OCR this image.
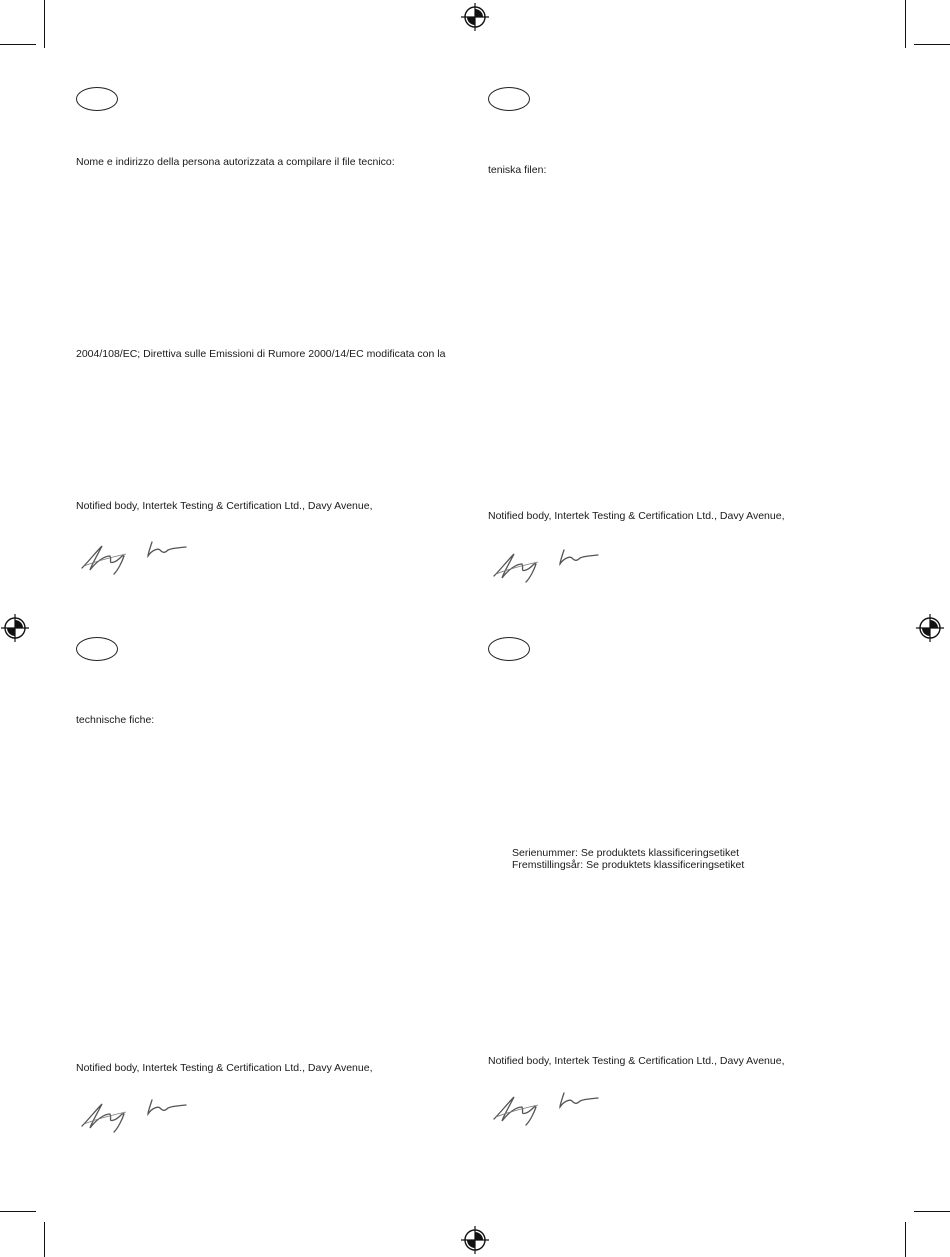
Nome e indirizzo della persona autorizzata a compilare il file tecnico:
2004/108/EC; Direttiva sulle Emissioni di Rumore 2000/14/EC modificata con la
Notified body, Intertek Testing & Certification Ltd., Davy Avenue,
teniska filen:
Notified body, Intertek Testing & Certification Ltd., Davy Avenue,
technische fiche:
Notified body, Intertek Testing & Certification Ltd., Davy Avenue,
Serienummer: Se produktets klassificeringsetiket
Fremstillingsår: Se produktets klassificeringsetiket
Notified body, Intertek Testing & Certification Ltd., Davy Avenue,
